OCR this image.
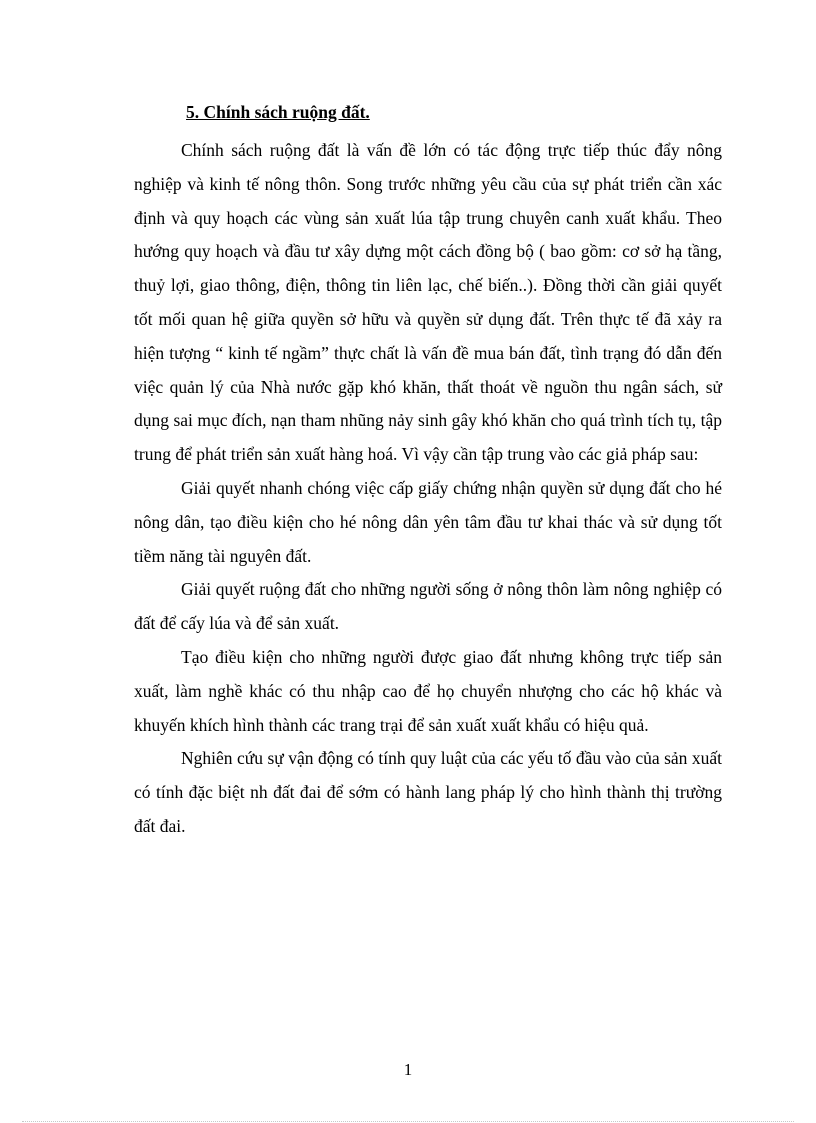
5. Chính sách ruộng đất.

Chính sách ruộng đất là vấn đề lớn có tác động trực tiếp thúc đẩy nông nghiệp và kinh tế nông thôn. Song trước những yêu cầu của sự phát triển cần xác định và quy hoạch các vùng sản xuất lúa tập trung chuyên canh xuất khẩu. Theo hướng quy hoạch và đầu tư xây dựng một cách đồng bộ ( bao gồm: cơ sở hạ tầng, thuỷ lợi, giao thông, điện, thông tin liên lạc, chế biến..). Đồng thời cần giải quyết tốt mối quan hệ giữa quyền sở hữu và quyền sử dụng đất. Trên thực tế đã xảy ra hiện tượng “ kinh tế ngầm” thực chất là vấn đề mua bán đất, tình trạng đó dẫn đến việc quản lý của Nhà nước gặp khó khăn, thất thoát về nguồn thu ngân sách, sử dụng sai mục đích, nạn tham nhũng nảy sinh gây khó khăn cho quá trình tích tụ, tập trung để phát triển sản xuất hàng hoá. Vì vậy cần tập trung vào các giả pháp sau:

Giải quyết nhanh chóng việc cấp giấy chứng nhận quyền sử dụng đất cho hé nông dân, tạo điều kiện cho hé nông dân yên tâm đầu tư khai thác và sử dụng tốt tiềm năng tài nguyên đất.

Giải quyết ruộng đất cho những người sống ở nông thôn làm nông nghiệp có đất để cấy lúa và để sản xuất.

Tạo điều kiện cho những người được giao đất nhưng không trực tiếp sản xuất, làm nghề khác có thu nhập cao để họ chuyển nhượng cho các hộ khác và khuyến khích hình thành các trang trại để sản xuất xuất khẩu có hiệu quả.

Nghiên cứu sự vận động có tính quy luật của các yếu tố đầu vào của sản xuất có tính đặc biệt nh đất đai để sớm có hành lang pháp lý cho hình thành thị trường đất đai.

1
